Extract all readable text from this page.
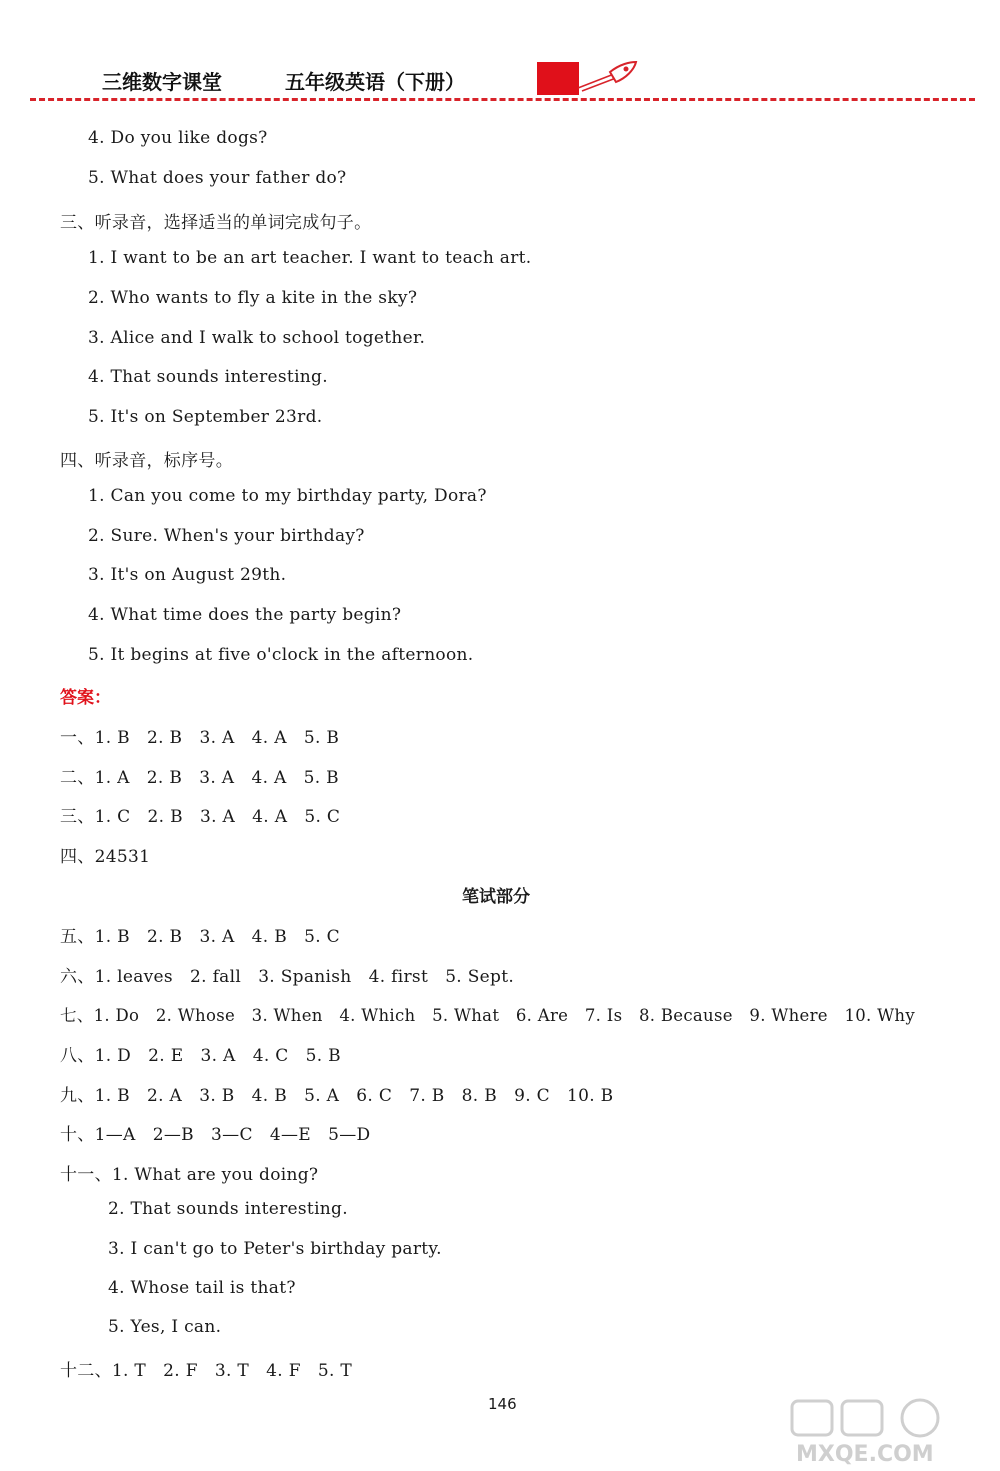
三维数字课堂	五年级英语（下册）
4. Do you like dogs?
5. What does your father do?
三、听录音，选择适当的单词完成句子。
1. I want to be an art teacher. I want to teach art.
2. Who wants to fly a kite in the sky?
3. Alice and I walk to school together.
4. That sounds interesting.
5. It's on September 23rd.
四、听录音，标序号。
1. Can you come to my birthday party, Dora?
2. Sure. When's your birthday?
3. It's on August 29th.
4. What time does the party begin?
5. It begins at five o'clock in the afternoon.
答案：
一、1. B   2. B   3. A   4. A   5. B
二、1. A   2. B   3. A   4. A   5. B
三、1. C   2. B   3. A   4. A   5. C
四、24531
笔试部分
五、1. B   2. B   3. A   4. B   5. C
六、1. leaves   2. fall   3. Spanish   4. first   5. Sept.
七、1. Do   2. Whose   3. When   4. Which   5. What   6. Are   7. Is   8. Because   9. Where   10. Why
八、1. D   2. E   3. A   4. C   5. B
九、1. B   2. A   3. B   4. B   5. A   6. C   7. B   8. B   9. C   10. B
十、1—A   2—B   3—C   4—E   5—D
十一、1. What are you doing?
2. That sounds interesting.
3. I can't go to Peter's birthday party.
4. Whose tail is that?
5. Yes, I can.
十二、1. T   2. F   3. T   4. F   5. T
146
MXQE.COM
